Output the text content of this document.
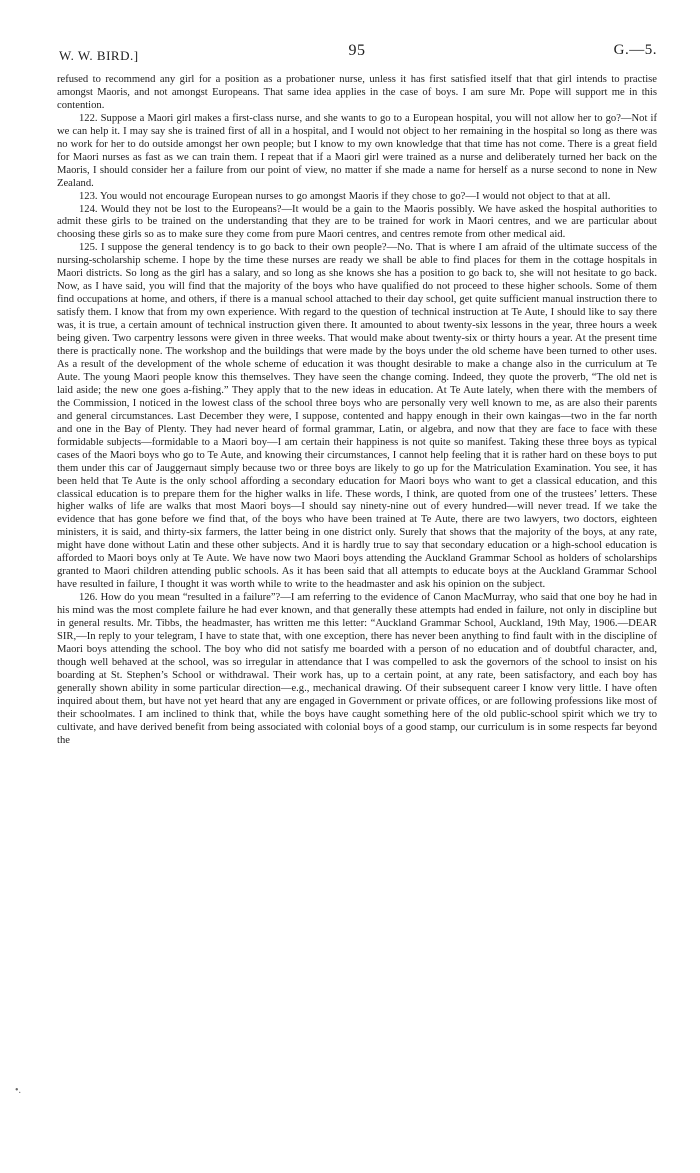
W. W. BIRD.]	95	G.—5.

refused to recommend any girl for a position as a probationer nurse, unless it has first satisfied itself that that girl intends to practise amongst Maoris, and not amongst Europeans. That same idea applies in the case of boys. I am sure Mr. Pope will support me in this contention.

122. Suppose a Maori girl makes a first-class nurse, and she wants to go to a European hospital, you will not allow her to go?—Not if we can help it. I may say she is trained first of all in a hospital, and I would not object to her remaining in the hospital so long as there was no work for her to do outside amongst her own people; but I know to my own knowledge that that time has not come. There is a great field for Maori nurses as fast as we can train them. I repeat that if a Maori girl were trained as a nurse and deliberately turned her back on the Maoris, I should consider her a failure from our point of view, no matter if she made a name for herself as a nurse second to none in New Zealand.

123. You would not encourage European nurses to go amongst Maoris if they chose to go?—I would not object to that at all.

124. Would they not be lost to the Europeans?—It would be a gain to the Maoris possibly. We have asked the hospital authorities to admit these girls to be trained on the understanding that they are to be trained for work in Maori centres, and we are particular about choosing these girls so as to make sure they come from pure Maori centres, and centres remote from other medical aid.

125. I suppose the general tendency is to go back to their own people?—No. That is where I am afraid of the ultimate success of the nursing-scholarship scheme. I hope by the time these nurses are ready we shall be able to find places for them in the cottage hospitals in Maori districts. So long as the girl has a salary, and so long as she knows she has a position to go back to, she will not hesitate to go back. Now, as I have said, you will find that the majority of the boys who have qualified do not proceed to these higher schools. Some of them find occupations at home, and others, if there is a manual school attached to their day school, get quite sufficient manual instruction there to satisfy them. I know that from my own experience. With regard to the question of technical instruction at Te Aute, I should like to say there was, it is true, a certain amount of technical instruction given there. It amounted to about twenty-six lessons in the year, three hours a week being given. Two carpentry lessons were given in three weeks. That would make about twenty-six or thirty hours a year. At the present time there is practically none. The workshop and the buildings that were made by the boys under the old scheme have been turned to other uses. As a result of the development of the whole scheme of education it was thought desirable to make a change also in the curriculum at Te Aute. The young Maori people know this themselves. They have seen the change coming. Indeed, they quote the proverb, “The old net is laid aside; the new one goes a-fishing.” They apply that to the new ideas in education. At Te Aute lately, when there with the members of the Commission, I noticed in the lowest class of the school three boys who are personally very well known to me, as are also their parents and general circumstances. Last December they were, I suppose, contented and happy enough in their own kaingas—two in the far north and one in the Bay of Plenty. They had never heard of formal grammar, Latin, or algebra, and now that they are face to face with these formidable subjects—formidable to a Maori boy—I am certain their happiness is not quite so manifest. Taking these three boys as typical cases of the Maori boys who go to Te Aute, and knowing their circumstances, I cannot help feeling that it is rather hard on these boys to put them under this car of Jauggernaut simply because two or three boys are likely to go up for the Matriculation Examination. You see, it has been held that Te Aute is the only school affording a secondary education for Maori boys who want to get a classical education, and this classical education is to prepare them for the higher walks in life. These words, I think, are quoted from one of the trustees’ letters. These higher walks of life are walks that most Maori boys—I should say ninety-nine out of every hundred—will never tread. If we take the evidence that has gone before we find that, of the boys who have been trained at Te Aute, there are two lawyers, two doctors, eighteen ministers, it is said, and thirty-six farmers, the latter being in one district only. Surely that shows that the majority of the boys, at any rate, might have done without Latin and these other subjects. And it is hardly true to say that secondary education or a high-school education is afforded to Maori boys only at Te Aute. We have now two Maori boys attending the Auckland Grammar School as holders of scholarships granted to Maori children attending public schools. As it has been said that all attempts to educate boys at the Auckland Grammar School have resulted in failure, I thought it was worth while to write to the headmaster and ask his opinion on the subject.

126. How do you mean “resulted in a failure”?—I am referring to the evidence of Canon MacMurray, who said that one boy he had in his mind was the most complete failure he had ever known, and that generally these attempts had ended in failure, not only in discipline but in general results. Mr. Tibbs, the headmaster, has written me this letter: “Auckland Grammar School, Auckland, 19th May, 1906.—DEAR SIR,—In reply to your telegram, I have to state that, with one exception, there has never been anything to find fault with in the discipline of Maori boys attending the school. The boy who did not satisfy me boarded with a person of no education and of doubtful character, and, though well behaved at the school, was so irregular in attendance that I was compelled to ask the governors of the school to insist on his boarding at St. Stephen’s School or withdrawal. Their work has, up to a certain point, at any rate, been satisfactory, and each boy has generally shown ability in some particular direction—e.g., mechanical drawing. Of their subsequent career I know very little. I have often inquired about them, but have not yet heard that any are engaged in Government or private offices, or are following professions like most of their schoolmates. I am inclined to think that, while the boys have caught something here of the old public-school spirit which we try to cultivate, and have derived benefit from being associated with colonial boys of a good stamp, our curriculum is in some respects far beyond the

•.
